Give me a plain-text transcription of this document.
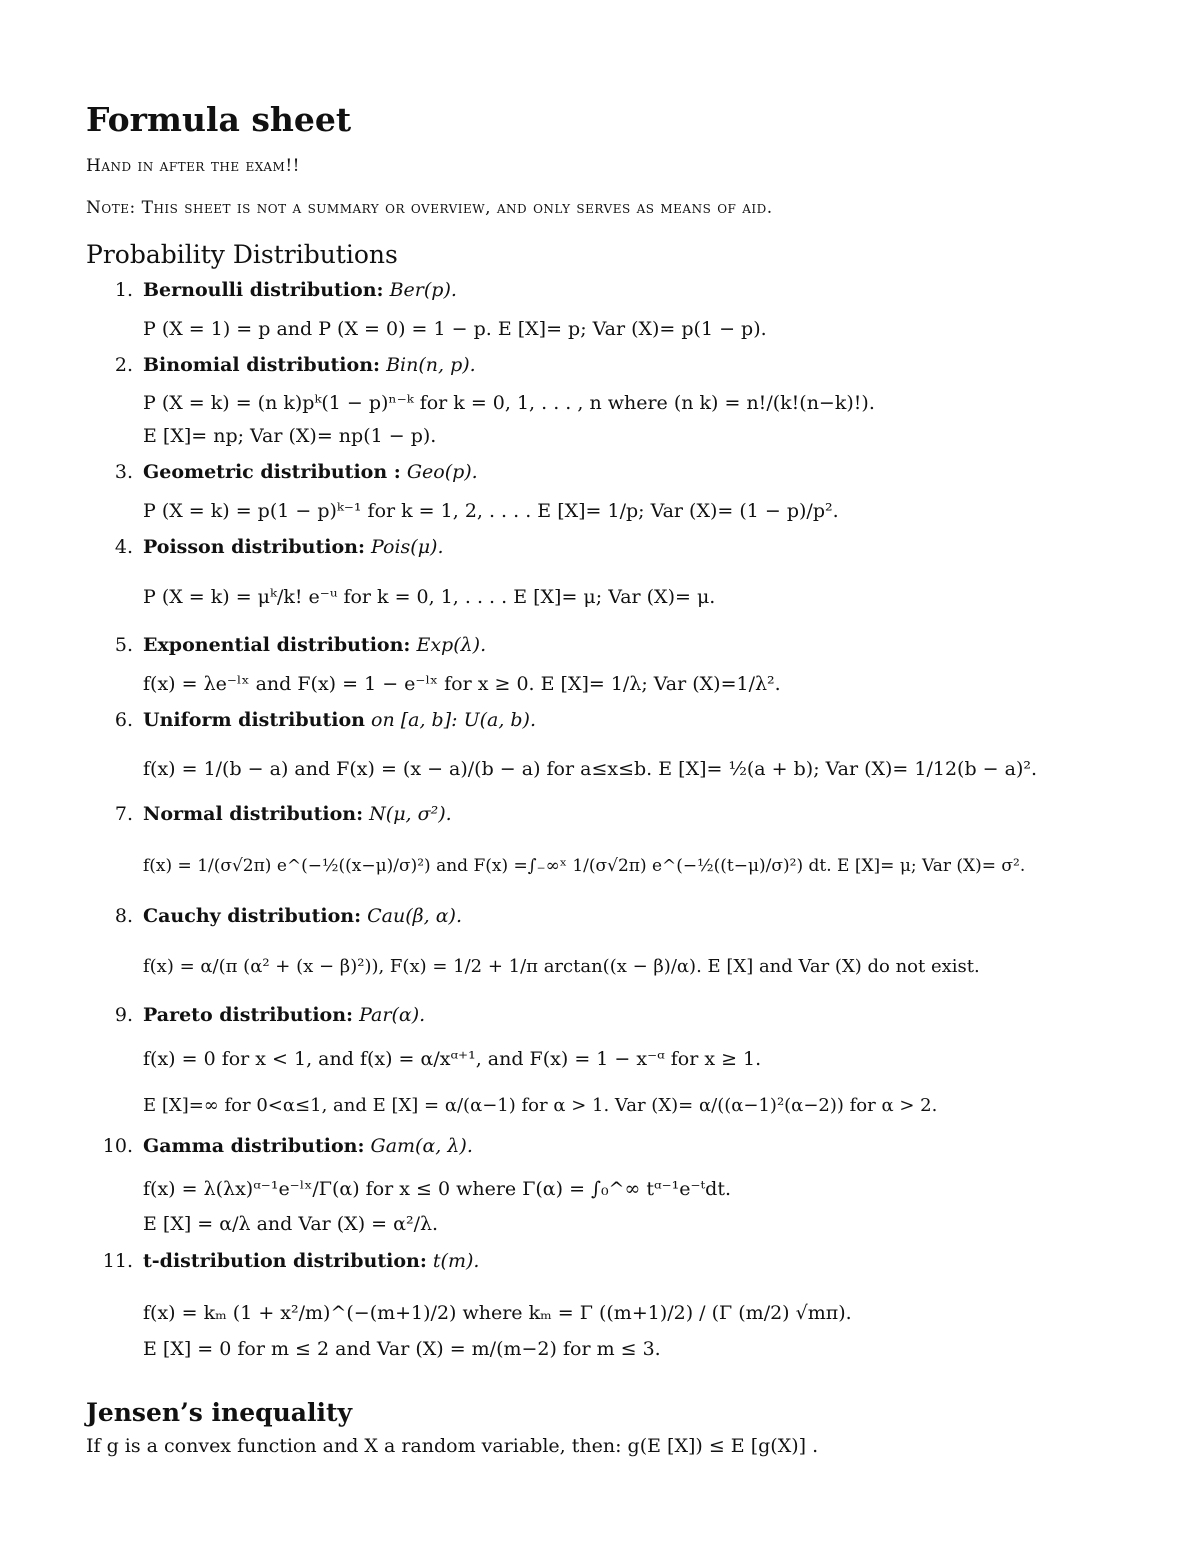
Formula sheet

Hand in after the exam!!

Note: This sheet is not a summary or overview, and only serves as means of aid.

Probability Distributions
1. Bernoulli distribution: Ber(p).

P (X = 1) = p and P (X = 0) = 1 − p. E [X]= p; Var (X)= p(1 − p).

2. Binomial distribution: Bin(n, p).

P (X = k) = (n k)pᵏ(1 − p)ⁿ⁻ᵏ for k = 0, 1, . . . , n where (n k) = n!/(k!(n−k)!).

E [X]= np; Var (X)= np(1 − p).

3. Geometric distribution : Geo(p).

P (X = k) = p(1 − p)ᵏ⁻¹ for k = 1, 2, . . . . E [X]= 1/p; Var (X)= (1 − p)/p².

4. Poisson distribution: Pois(μ).

P (X = k) = μᵏ/k! e⁻ᵘ for k = 0, 1, . . . . E [X]= μ; Var (X)= μ.

5. Exponential distribution: Exp(λ).

f(x) = λe⁻ˡˣ and F(x) = 1 − e⁻ˡˣ for x ≥ 0. E [X]= 1/λ; Var (X)=1/λ².

6. Uniform distribution on [a, b]: U(a, b).

f(x) = 1/(b − a) and F(x) = (x − a)/(b − a) for a≤x≤b. E [X]= ½(a + b); Var (X)= 1/12(b − a)².

7. Normal distribution: N(μ, σ²).

f(x) = 1/(σ√2π) e^(−½((x−μ)/σ)²) and F(x) =∫₋∞ˣ 1/(σ√2π) e^(−½((t−μ)/σ)²) dt. E [X]= μ; Var (X)= σ².

8. Cauchy distribution: Cau(β, α).

f(x) = α/(π (α² + (x − β)²)), F(x) = 1/2 + 1/π arctan((x − β)/α). E [X] and Var (X) do not exist.

9. Pareto distribution: Par(α).

f(x) = 0 for x < 1, and f(x) = α/xᵅ⁺¹, and F(x) = 1 − x⁻ᵅ for x ≥ 1.

E [X]=∞ for 0<α≤1, and E [X] = α/(α−1) for α > 1. Var (X)= α/((α−1)²(α−2)) for α > 2.

10. Gamma distribution: Gam(α, λ).

f(x) = λ(λx)ᵅ⁻¹e⁻ˡˣ/Γ(α) for x ≤ 0 where Γ(α) = ∫₀^∞ tᵅ⁻¹e⁻ᵗdt.

E [X] = α/λ and Var (X) = α²/λ.

11. t-distribution distribution: t(m).

f(x) = kₘ (1 + x²/m)^(−(m+1)/2) where kₘ = Γ ((m+1)/2) / (Γ (m/2) √mπ).

E [X] = 0 for m ≤ 2 and Var (X) = m/(m−2) for m ≤ 3.

Jensen’s inequality

If g is a convex function and X a random variable, then: g(E [X]) ≤ E [g(X)] .
